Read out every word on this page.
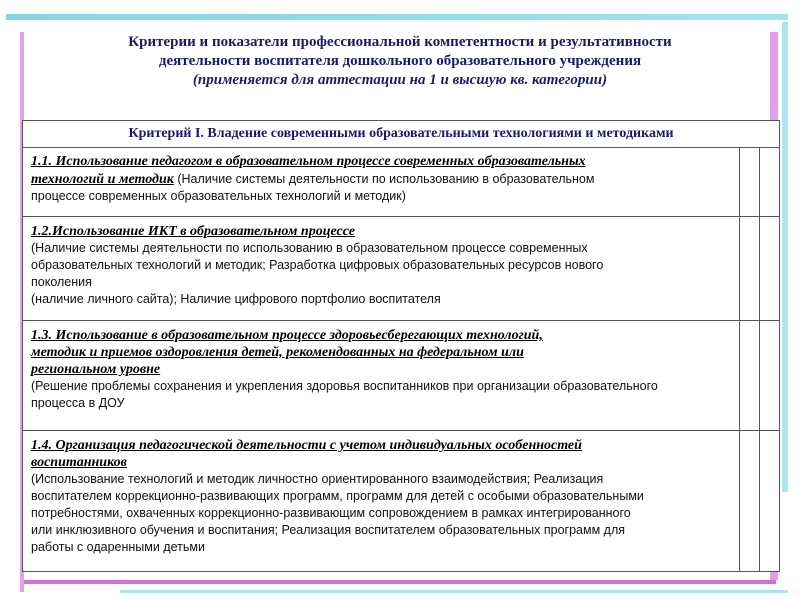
Критерии и показатели профессиональной компетентности и результативности
деятельности воспитателя дошкольного образовательного учреждения
(применяется для аттестации на 1 и высшую кв. категории)
Критерий I. Владение современными образовательными технологиями и методиками
1.1. Использование педагогом в образовательном процессе современных образовательных
технологий и методик (Наличие системы деятельности по использованию в образовательном
процессе современных образовательных технологий и методик)
1.2.Использование ИКТ в образовательном процессе
(Наличие системы деятельности по использованию в образовательном процессе современных
образовательных технологий и методик; Разработка цифровых образовательных ресурсов нового
поколения
(наличие личного сайта); Наличие цифрового портфолио воспитателя
1.3. Использование в образовательном процессе здоровьесберегающих технологий,
методик и приемов оздоровления детей, рекомендованных на федеральном или
региональном уровне
(Решение проблемы сохранения и укрепления здоровья воспитанников при организации образовательного
процесса в ДОУ
1.4. Организация педагогической деятельности с учетом индивидуальных особенностей
воспитанников
(Использование технологий и методик личностно ориентированного взаимодействия; Реализация
воспитателем коррекционно-развивающих программ, программ для детей с особыми образовательными
потребностями, охваченных коррекционно-развивающим сопровождением в рамках интегрированного
или инклюзивного обучения и воспитания; Реализация воспитателем образовательных программ для
работы с одаренными детьми
